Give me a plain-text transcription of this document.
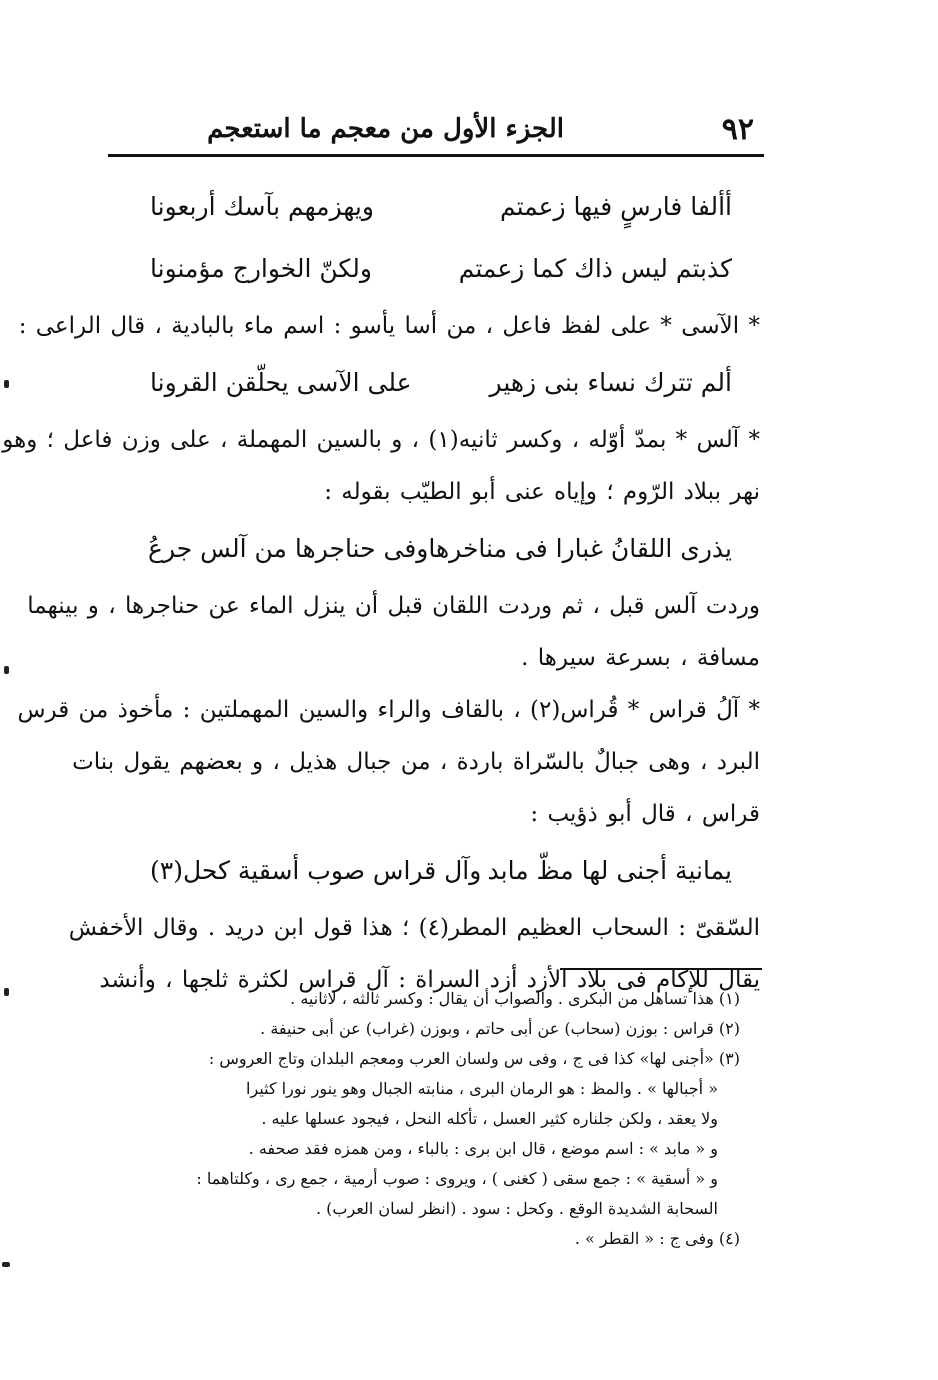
٩٢
الجزء الأول من معجم ما استعجم
أألفا فارسٍ فيها زعمتم
ويهزمهم بآسك أربعونا
كذبتم ليس ذاك كما زعمتم
ولكنّ الخوارج مؤمنونا
* الآسى * على لفظ فاعل ، من أسا يأسو : اسم ماء بالبادية ، قال الراعى :
ألم تترك نساء بنى زهير
على الآسى يحلّقن القرونا
* آلس * بمدّ أوّله ، وكسر ثانيه(١) ، و بالسين المهملة ، على وزن فاعل ؛ وهو
نهر ببلاد الرّوم ؛ وإياه عنى أبو الطيّب بقوله :
يذرى اللقانُ غبارا فى مناخرها
وفى حناجرها من آلس جرعُ
وردت آلس قبل ، ثم وردت اللقان قبل أن ينزل الماء عن حناجرها ، و بينهما
مسافة ، بسرعة سيرها .
* آلُ قراس * قُراس(٢) ، بالقاف والراء والسين المهملتين : مأخوذ من قرس
البرد ، وهى جبالٌ بالسّراة باردة ، من جبال هذيل ، و بعضهم يقول بنات
قراس ، قال أبو ذؤيب :
يمانية أجنى لها مظّ مابد
وآل قراس صوب أسقية كحل(٣)
السّقىّ : السحاب العظيم المطر(٤) ؛ هذا قول ابن دريد . وقال الأخفش
يقال للإكام فى بلاد الأزد أزد السراة : آل قراس لكثرة ثلجها ، وأنشد
(١) هذا تساهل من البكرى . والصواب أن يقال : وكسر ثالثه ، لاثانيه .
(٢) قراس : بوزن (سحاب) عن أبى حاتم ، وبوزن (غراب) عن أبى حنيفة .
(٣) «أجنى لها» كذا فى ج ، وفى س ولسان العرب ومعجم البلدان وتاج العروس :
« أجبالها » . والمظ : هو الرمان البرى ، منابته الجبال وهو ينور نورا كثيرا
ولا يعقد ، ولكن جلناره كثير العسل ، تأكله النحل ، فيجود عسلها عليه .
و « مابد » : اسم موضع ، قال ابن برى : بالباء ، ومن همزه فقد صحفه .
و « أسقية » : جمع سقى ( كغنى ) ، ويروى : صوب أرمية ، جمع رى ، وكلتاهما :
السحابة الشديدة الوقع . وكحل : سود . (انظر لسان العرب) .
(٤) وفى ج : « القطر » .
